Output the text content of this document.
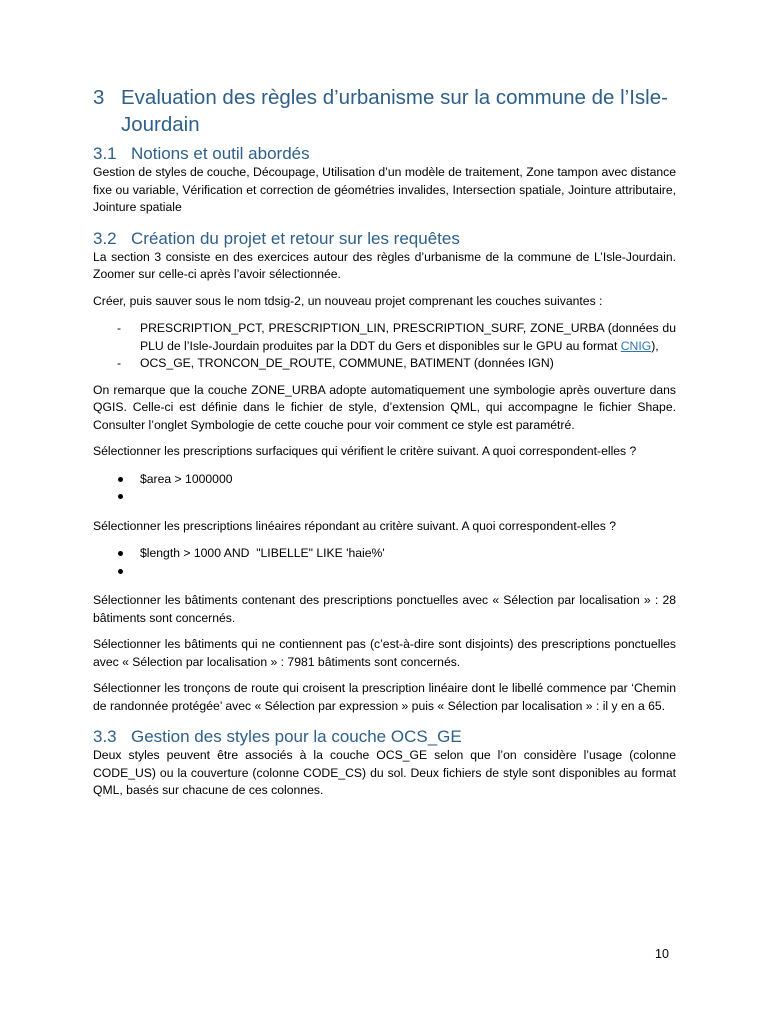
3 Evaluation des règles d’urbanisme sur la commune de l’Isle-Jourdain
3.1 Notions et outil abordés

Gestion de styles de couche, Découpage, Utilisation d’un modèle de traitement, Zone tampon avec distance fixe ou variable, Vérification et correction de géométries invalides, Intersection spatiale, Jointure attributaire, Jointure spatiale

3.2 Création du projet et retour sur les requêtes

La section 3 consiste en des exercices autour des règles d’urbanisme de la commune de L’Isle-Jourdain. Zoomer sur celle-ci après l’avoir sélectionnée.

Créer, puis sauver sous le nom tdsig-2, un nouveau projet comprenant les couches suivantes :

- PRESCRIPTION_PCT, PRESCRIPTION_LIN, PRESCRIPTION_SURF, ZONE_URBA (données du PLU de l’Isle-Jourdain produites par la DDT du Gers et disponibles sur le GPU au format CNIG),
- OCS_GE, TRONCON_DE_ROUTE, COMMUNE, BATIMENT (données IGN)

On remarque que la couche ZONE_URBA adopte automatiquement une symbologie après ouverture dans QGIS. Celle-ci est définie dans le fichier de style, d’extension QML, qui accompagne le fichier Shape. Consulter l’onglet Symbologie de cette couche pour voir comment ce style est paramétré.

Sélectionner les prescriptions surfaciques qui vérifient le critère suivant. A quoi correspondent-elles ?

$area > 1000000

Sélectionner les prescriptions linéaires répondant au critère suivant. A quoi correspondent-elles ?

$length > 1000 AND  "LIBELLE" LIKE 'haie%'

Sélectionner les bâtiments contenant des prescriptions ponctuelles avec « Sélection par localisation » : 28 bâtiments sont concernés.

Sélectionner les bâtiments qui ne contiennent pas (c’est-à-dire sont disjoints) des prescriptions ponctuelles avec « Sélection par localisation » : 7981 bâtiments sont concernés.

Sélectionner les tronçons de route qui croisent la prescription linéaire dont le libellé commence par ‘Chemin de randonnée protégée’ avec « Sélection par expression » puis « Sélection par localisation » : il y en a 65.

3.3 Gestion des styles pour la couche OCS_GE

Deux styles peuvent être associés à la couche OCS_GE selon que l’on considère l’usage (colonne CODE_US) ou la couverture (colonne CODE_CS) du sol. Deux fichiers de style sont disponibles au format QML, basés sur chacune de ces colonnes.

10
